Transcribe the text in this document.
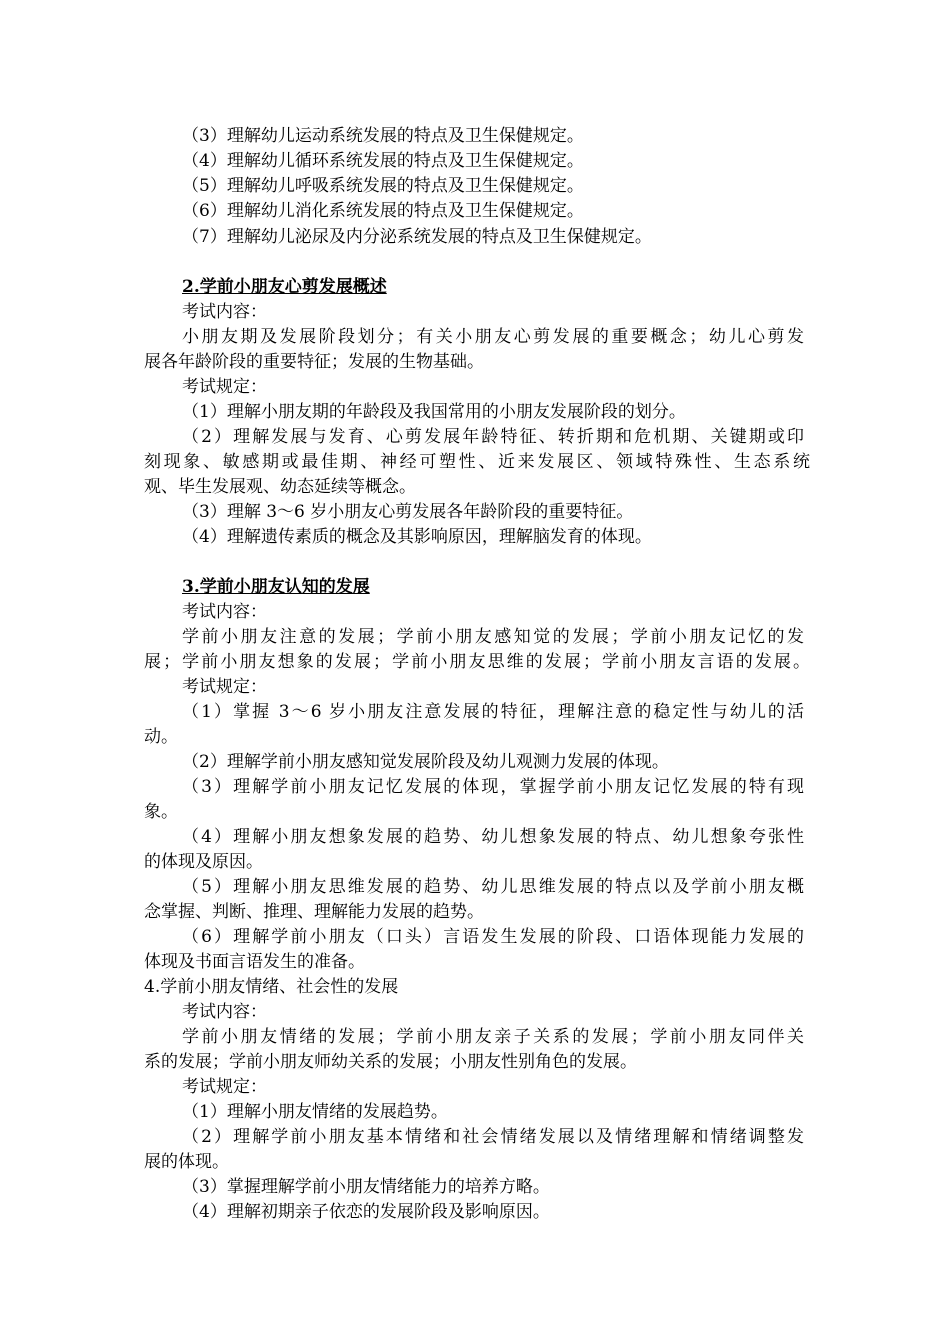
（3）理解幼儿运动系统发展的特点及卫生保健规定。
（4）理解幼儿循环系统发展的特点及卫生保健规定。
（5）理解幼儿呼吸系统发展的特点及卫生保健规定。
（6）理解幼儿消化系统发展的特点及卫生保健规定。
（7）理解幼儿泌尿及内分泌系统发展的特点及卫生保健规定。
2.学前小朋友心剪发展概述
考试内容：
小朋友期及发展阶段划分；有关小朋友心剪发展的重要概念；幼儿心剪发
展各年龄阶段的重要特征；发展的生物基础。
考试规定：
（1）理解小朋友期的年龄段及我国常用的小朋友发展阶段的划分。
（2）理解发展与发育、心剪发展年龄特征、转折期和危机期、关键期或印
刻现象、敏感期或最佳期、神经可塑性、近来发展区、领域特殊性、生态系统
观、毕生发展观、幼态延续等概念。
（3）理解 3～6 岁小朋友心剪发展各年龄阶段的重要特征。
（4）理解遗传素质的概念及其影响原因，理解脑发育的体现。
3.学前小朋友认知的发展
考试内容：
学前小朋友注意的发展；学前小朋友感知觉的发展；学前小朋友记忆的发
展；学前小朋友想象的发展；学前小朋友思维的发展；学前小朋友言语的发展。
考试规定：
（1）掌握 3～6 岁小朋友注意发展的特征，理解注意的稳定性与幼儿的活
动。
（2）理解学前小朋友感知觉发展阶段及幼儿观测力发展的体现。
（3）理解学前小朋友记忆发展的体现，掌握学前小朋友记忆发展的特有现
象。
（4）理解小朋友想象发展的趋势、幼儿想象发展的特点、幼儿想象夸张性
的体现及原因。
（5）理解小朋友思维发展的趋势、幼儿思维发展的特点以及学前小朋友概
念掌握、判断、推理、理解能力发展的趋势。
（6）理解学前小朋友（口头）言语发生发展的阶段、口语体现能力发展的
体现及书面言语发生的准备。
4.学前小朋友情绪、社会性的发展
考试内容：
学前小朋友情绪的发展；学前小朋友亲子关系的发展；学前小朋友同伴关
系的发展；学前小朋友师幼关系的发展；小朋友性别角色的发展。
考试规定：
（1）理解小朋友情绪的发展趋势。
（2）理解学前小朋友基本情绪和社会情绪发展以及情绪理解和情绪调整发
展的体现。
（3）掌握理解学前小朋友情绪能力的培养方略。
（4）理解初期亲子依恋的发展阶段及影响原因。
